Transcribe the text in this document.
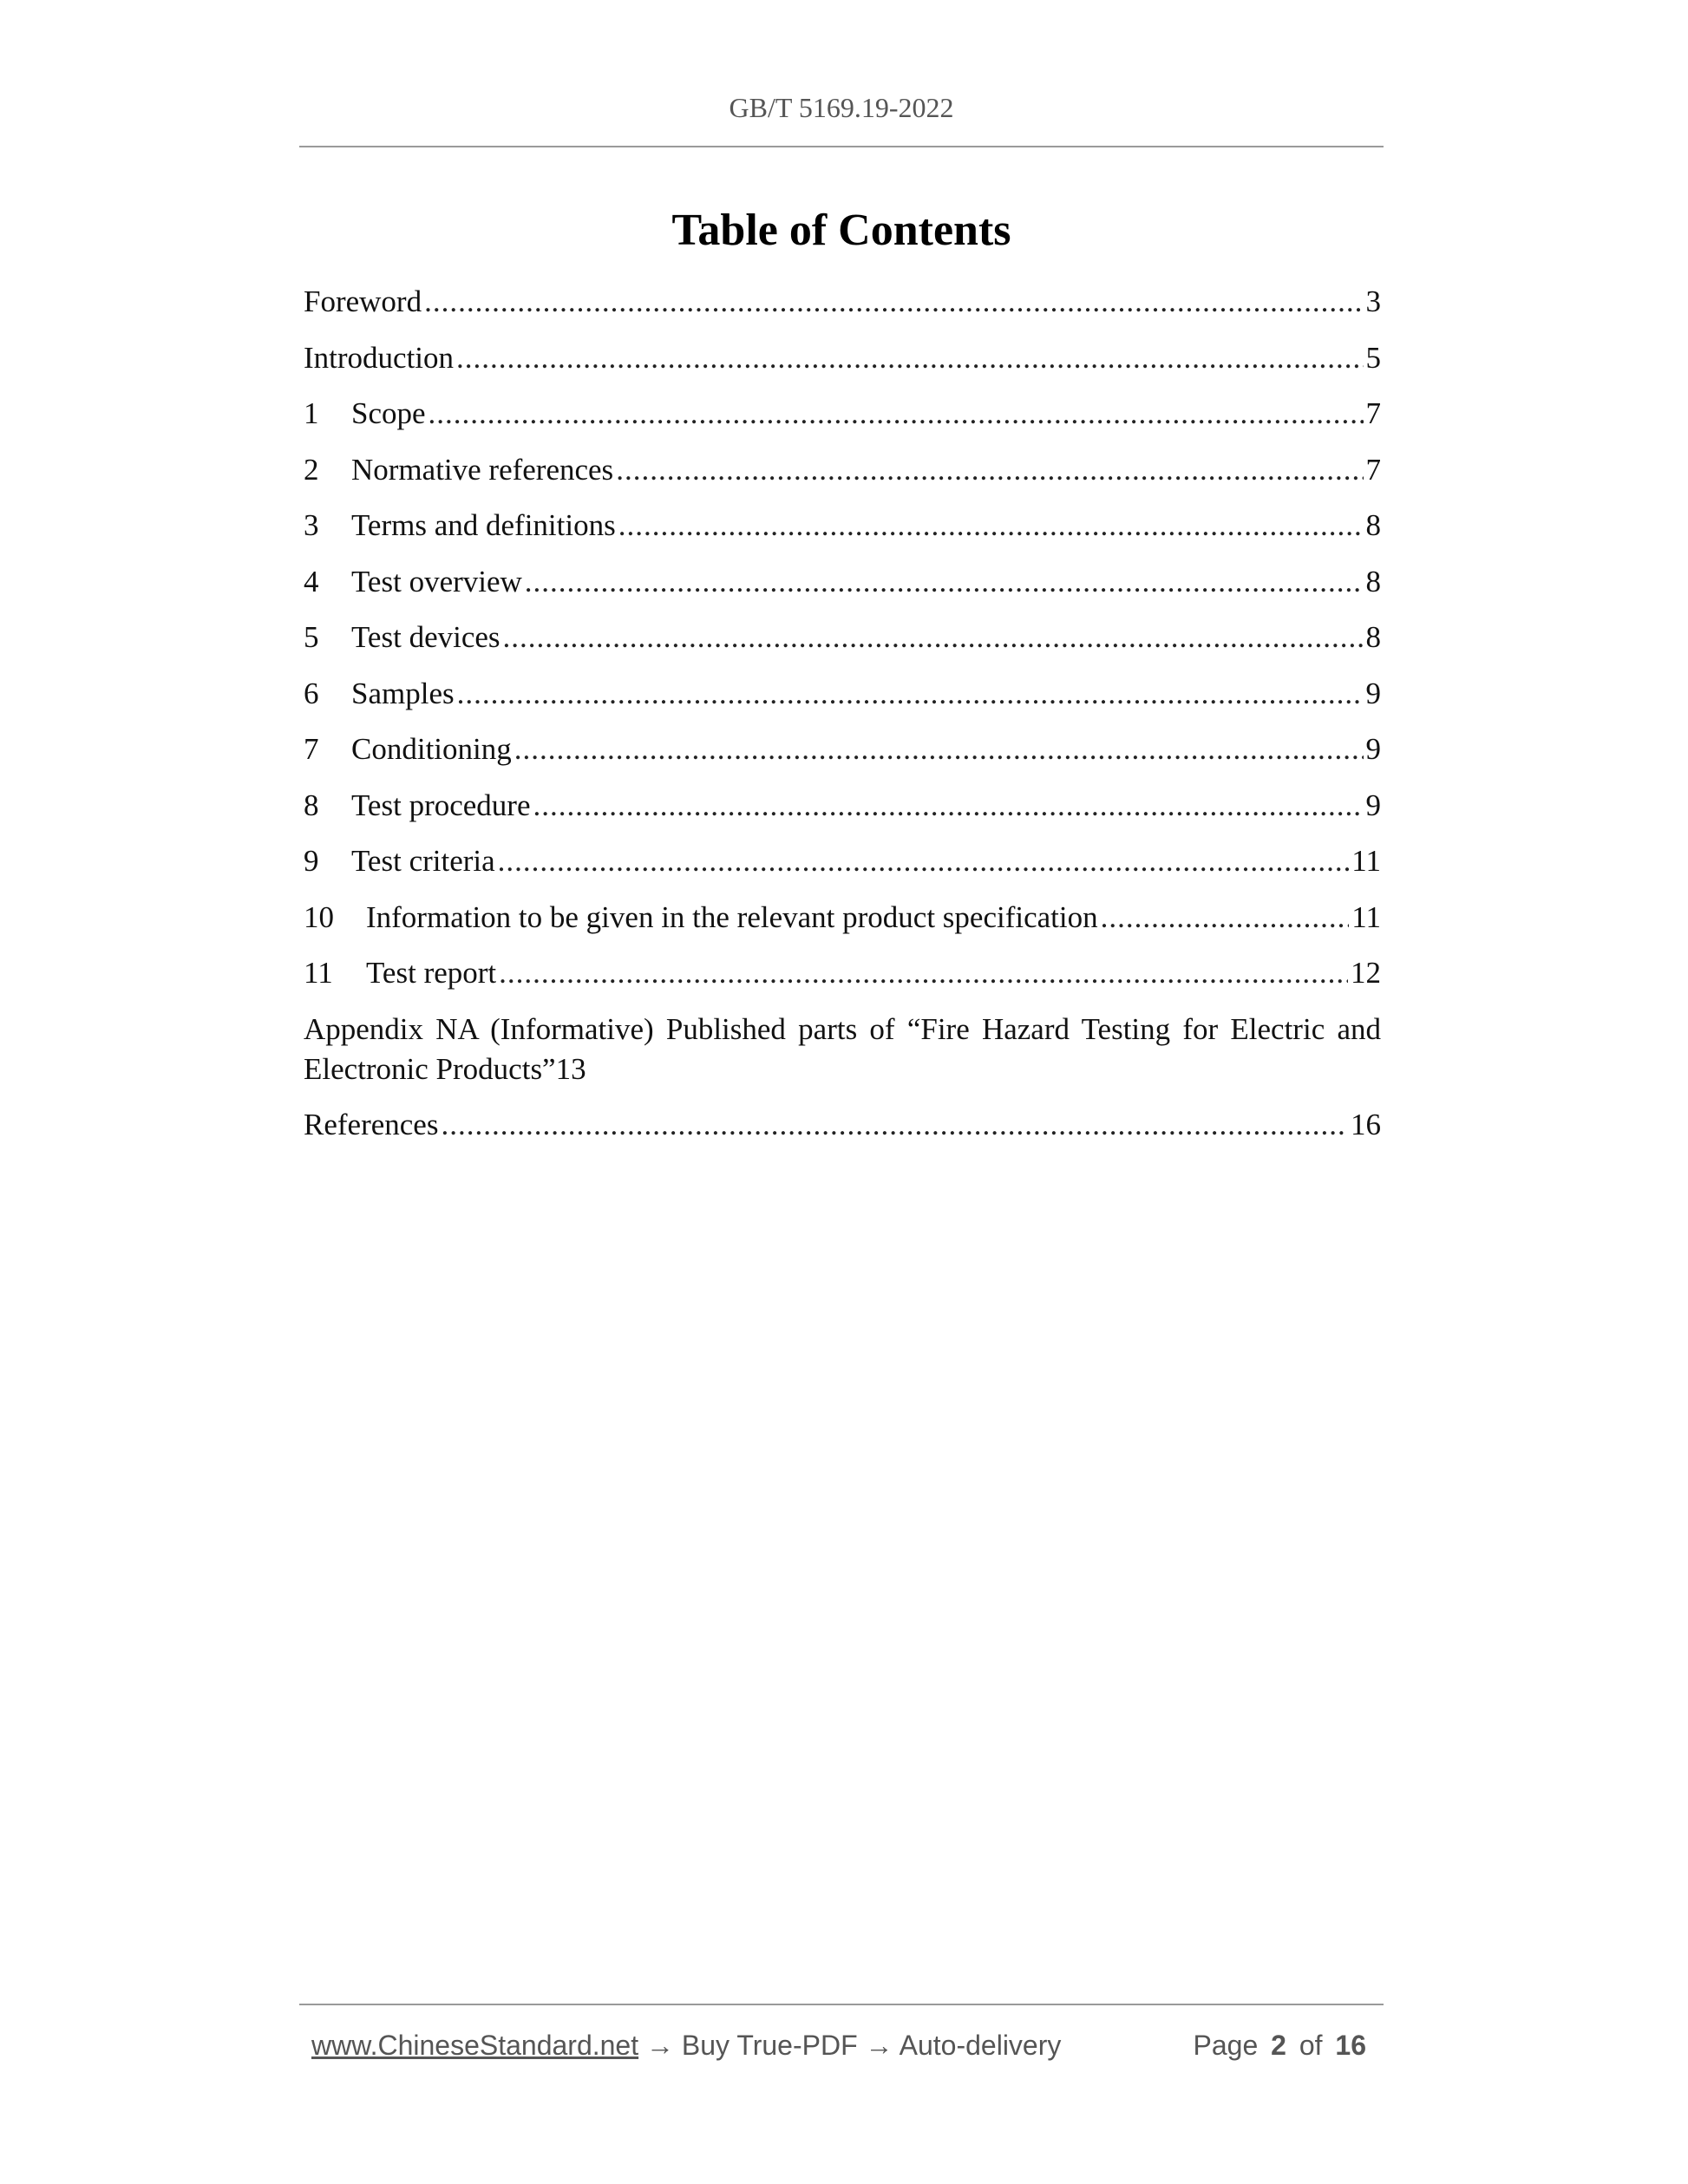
GB/T 5169.19-2022
Table of Contents
Foreword .....	3
Introduction .....	5
1	Scope .....	7
2	Normative references .....	7
3	Terms and definitions .....	8
4	Test overview .....	8
5	Test devices .....	8
6	Samples .....	9
7	Conditioning .....	9
8	Test procedure .....	9
9	Test criteria .....	11
10	Information to be given in the relevant product specification .....	11
11	Test report .....	12
Appendix NA (Informative) Published parts of “Fire Hazard Testing for Electric and
Electronic Products” 13
References .....	16
www.ChineseStandard.net → Buy True-PDF → Auto-delivery	Page 2 of 16
